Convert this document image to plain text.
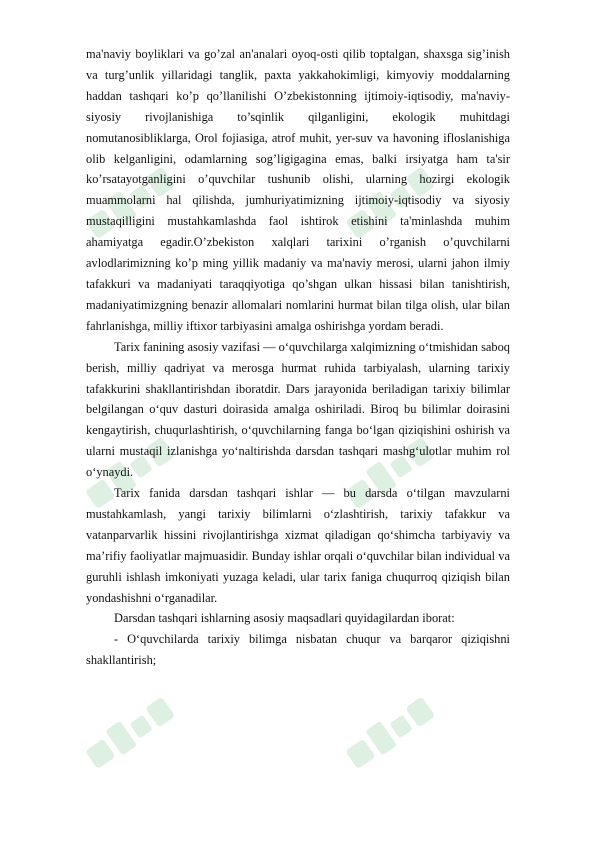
ma'naviy boyliklari va go’zal an'analari oyoq-osti qilib toptalgan, shaxsga sig’inish va turg’unlik yillaridagi tanglik, paxta yakkahokimligi, kimyoviy moddalarning haddan tashqari ko’p qo’llanilishi O’zbekistonning ijtimoiy-iqtisodiy, ma'naviy-siyosiy rivojlanishiga to’sqinlik qilganligini, ekologik muhitdagi nomutanosibliklarga, Orol fojiasiga, atrof muhit, yer-suv va havoning ifloslanishiga olib kelganligini, odamlarning sog’ligigagina emas, balki irsiyatga ham ta'sir ko’rsatayotganligini o’quvchilar tushunib olishi, ularning hozirgi ekologik muammolarni hal qilishda, jumhuriyatimizning ijtimoiy-iqtisodiy va siyosiy mustaqilligini mustahkamlashda faol ishtirok etishini ta'minlashda muhim ahamiyatga egadir.O’zbekiston xalqlari tarixini o’rganish o’quvchilarni avlodlarimizning ko’p ming yillik madaniy va ma'naviy merosi, ularni jahon ilmiy tafakkuri va madaniyati taraqqiyotiga qo’shgan ulkan hissasi bilan tanishtirish, madaniyatimizgning benazir allomalari nomlarini hurmat bilan tilga olish, ular bilan fahrlanishga, milliy iftixor tarbiyasini amalga oshirishga yordam beradi.

Tarix fanining asosiy vazifasi — o‘quvchilarga xalqimizning o‘tmishidan saboq berish, milliy qadriyat va merosga hurmat ruhida tarbiyalash, ularning tarixiy tafakkurini shakllantirishdan iboratdir. Dars jarayonida beriladigan tarixiy bilimlar belgilangan o‘quv dasturi doirasida amalga oshiriladi. Biroq bu bilimlar doirasini kengaytirish, chuqurlashtirish, o‘quvchilarning fanga bo‘lgan qiziqishini oshirish va ularni mustaqil izlanishga yo‘naltirishda darsdan tashqari mashg‘ulotlar muhim rol o‘ynaydi.

Tarix fanida darsdan tashqari ishlar — bu darsda o‘tilgan mavzularni mustahkamlash, yangi tarixiy bilimlarni o‘zlashtirish, tarixiy tafakkur va vatanparvarlik hissini rivojlantirishga xizmat qiladigan qo‘shimcha tarbiyaviy va ma’rifiy faoliyatlar majmuasidir. Bunday ishlar orqali o‘quvchilar bilan individual va guruhli ishlash imkoniyati yuzaga keladi, ular tarix faniga chuqurroq qiziqish bilan yondashishni o‘rganadilar.

Darsdan tashqari ishlarning asosiy maqsadlari quyidagilardan iborat:

- O‘quvchilarda tarixiy bilimga nisbatan chuqur va barqaror qiziqishni shakllantirish;
